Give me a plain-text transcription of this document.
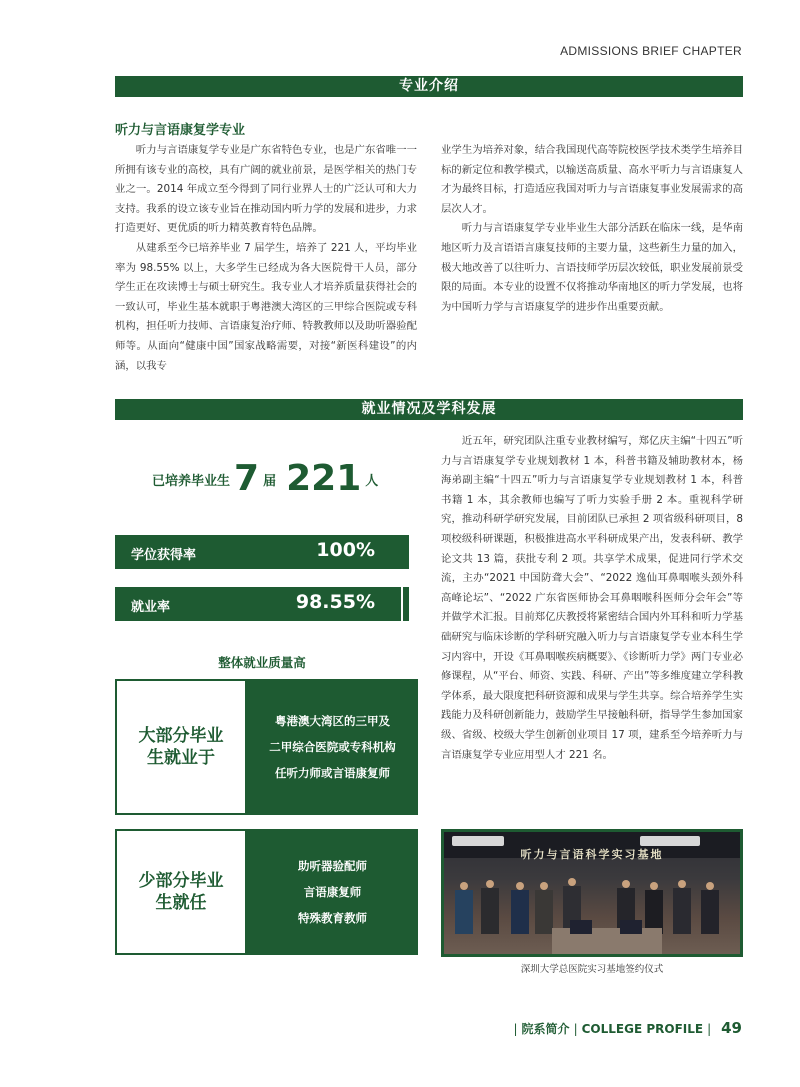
ADMISSIONS BRIEF CHAPTER
专业介绍
听力与言语康复学专业

听力与言语康复学专业是广东省特色专业，也是广东省唯一一所拥有该专业的高校，具有广阔的就业前景，是医学相关的热门专业之一。2014 年成立至今得到了同行业界人士的广泛认可和大力支持。我系的设立该专业旨在推动国内听力学的发展和进步，力求打造更好、更优质的听力精英教育特色品牌。

从建系至今已培养毕业 7 届学生，培养了 221 人，平均毕业率为 98.55% 以上，大多学生已经成为各大医院骨干人员，部分学生正在攻读博士与硕士研究生。我专业人才培养质量获得社会的一致认可，毕业生基本就职于粤港澳大湾区的三甲综合医院或专科机构，担任听力技师、言语康复治疗师、特教教师以及助听器验配师等。从面向“健康中国”国家战略需要，对接“新医科建设”的内涵，以我专

业学生为培养对象，结合我国现代高等院校医学技术类学生培养目标的新定位和教学模式，以输送高质量、高水平听力与言语康复人才为最终目标，打造适应我国对听力与言语康复事业发展需求的高层次人才。

听力与言语康复学专业毕业生大部分活跃在临床一线，是华南地区听力及言语语言康复技师的主要力量，这些新生力量的加入，极大地改善了以往听力、言语技师学历层次较低，职业发展前景受限的局面。本专业的设置不仅将推动华南地区的听力学发展，也将为中国听力学与言语康复学的进步作出重要贡献。

就业情况及学科发展
已培养毕业生 7 届 221 人
学位获得率	100%
就业率	98.55%
整体就业质量高
大部分毕业生就业于
粤港澳大湾区的三甲及
二甲综合医院或专科机构
任听力师或言语康复师
少部分毕业生就任
助听器验配师
言语康复师
特殊教育教师

近五年，研究团队注重专业教材编写，郑亿庆主编“十四五”听力与言语康复学专业规划教材 1 本，科普书籍及辅助教材本，杨海弟副主编“十四五”听力与言语康复学专业规划教材 1 本，科普书籍 1 本，其余教师也编写了听力实验手册 2 本。重视科学研究，推动科研学研究发展，目前团队已承担 2 项省级科研项目，8 项校级科研课题，积极推进高水平科研成果产出，发表科研、教学论文共 13 篇，获批专利 2 项。共享学术成果，促进同行学术交流，主办“2021 中国防聋大会”、“2022 逸仙耳鼻咽喉头颈外科高峰论坛”、“2022 广东省医师协会耳鼻咽喉科医师分会年会”等并做学术汇报。目前郑亿庆教授将紧密结合国内外耳科和听力学基础研究与临床诊断的学科研究融入听力与言语康复学专业本科生学习内容中，开设《耳鼻咽喉疾病概要》、《诊断听力学》两门专业必修课程，从“平台、师资、实践、科研、产出”等多维度建立学科教学体系，最大限度把科研资源和成果与学生共享。综合培养学生实践能力及科研创新能力，鼓励学生早接触科研，指导学生参加国家级、省级、校级大学生创新创业项目 17 项，建系至今培养听力与言语康复学专业应用型人才 221 名。

听力与言语科学实习基地
深圳大学总医院实习基地签约仪式
| 院系简介 | COLLEGE PROFILE | 49
